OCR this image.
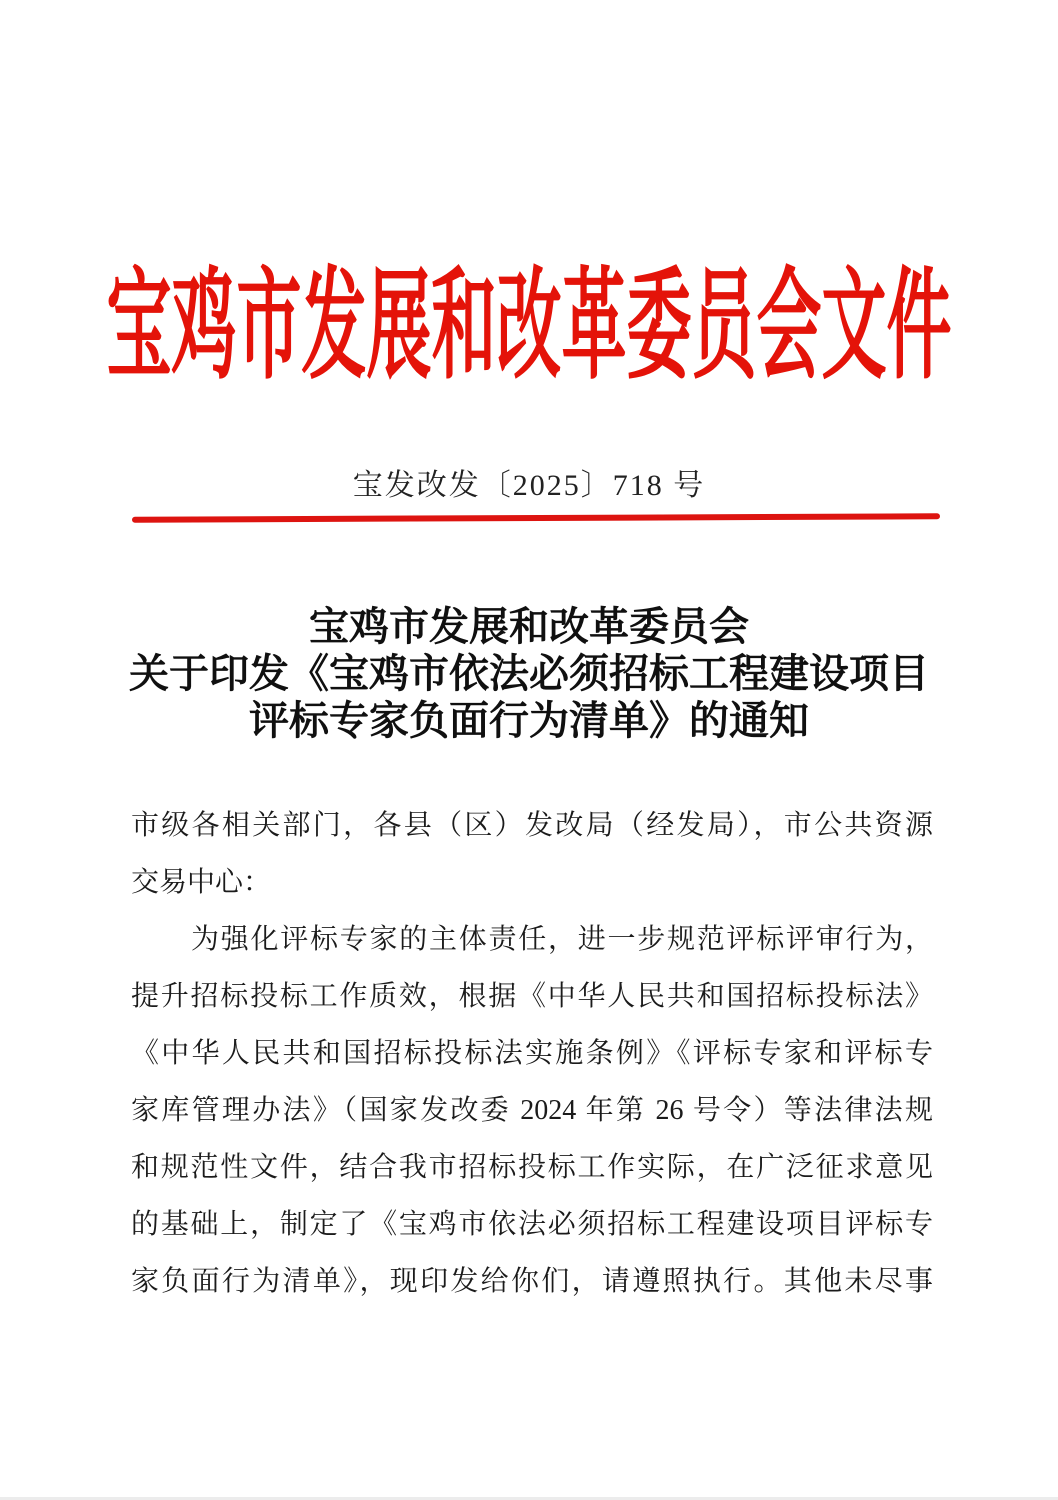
宝鸡市发展和改革委员会文件
宝发改发〔2025〕718 号
宝鸡市发展和改革委员会
关于印发《宝鸡市依法必须招标工程建设项目
评标专家负面行为清单》的通知

市级各相关部门，各县（区）发改局（经发局），市公共资源

交易中心：

为强化评标专家的主体责任，进一步规范评标评审行为，

提升招标投标工作质效，根据《中华人民共和国招标投标法》

《中华人民共和国招标投标法实施条例》《评标专家和评标专

家库管理办法》（国家发改委 2024 年第 26 号令）等法律法规

和规范性文件，结合我市招标投标工作实际，在广泛征求意见

的基础上，制定了《宝鸡市依法必须招标工程建设项目评标专

家负面行为清单》，现印发给你们，请遵照执行。其他未尽事
